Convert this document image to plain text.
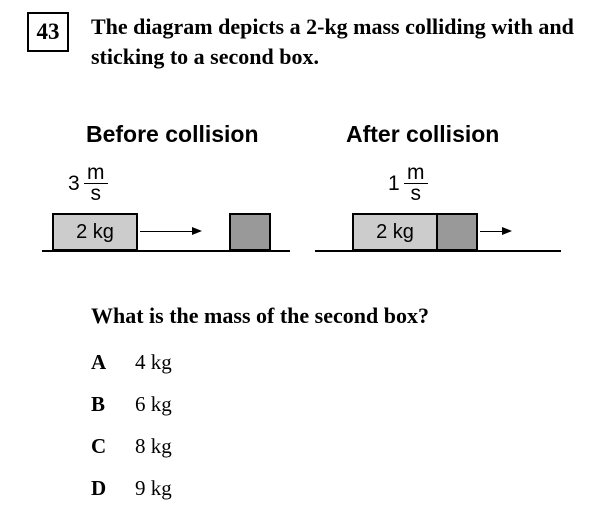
43	The diagram depicts a 2-kg mass colliding with and sticking to a second box.
Before collision
$3 \frac{m}{s}$
2 kg
After collision
$1 \frac{m}{s}$
2 kg
What is the mass of the second box?
A 4 kg
B 6 kg
C 8 kg
D 9 kg
